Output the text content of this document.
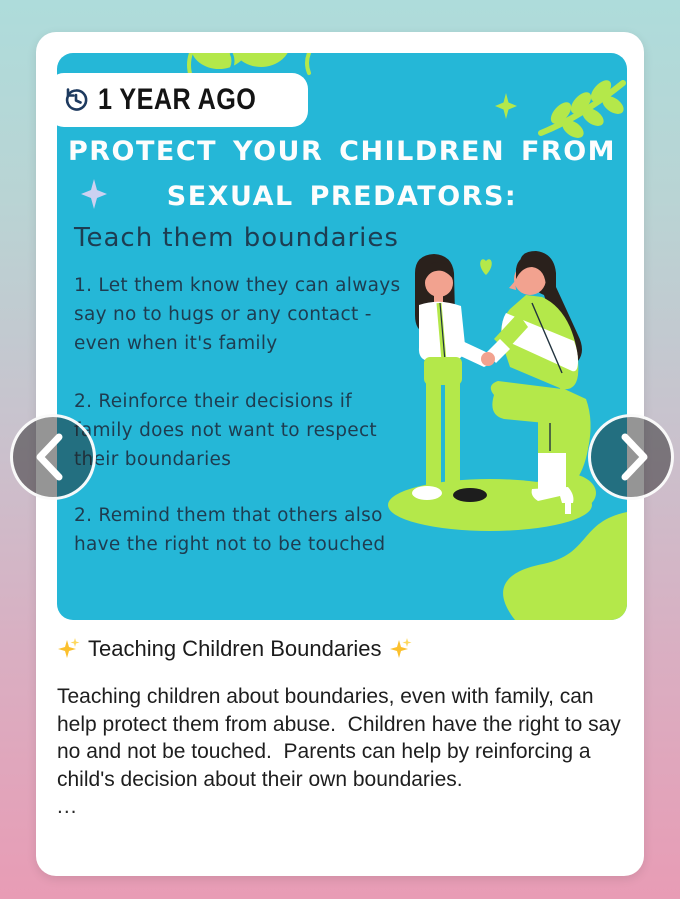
PROTECT YOUR CHILDREN FROM
SEXUAL PREDATORS:
Teach them boundaries
1. Let them know they can always
say no to hugs or any contact -
even when it's family
2. Reinforce their decisions if
family does not want to respect
their boundaries
2. Remind them that others also
have the right not to be touched
1 YEAR AGO
Teaching Children Boundaries
Teaching children about boundaries, even with family, can help protect them from abuse.  Children have the right to say no and not be touched.  Parents can help by reinforcing a child's decision about their own boundaries.
...
